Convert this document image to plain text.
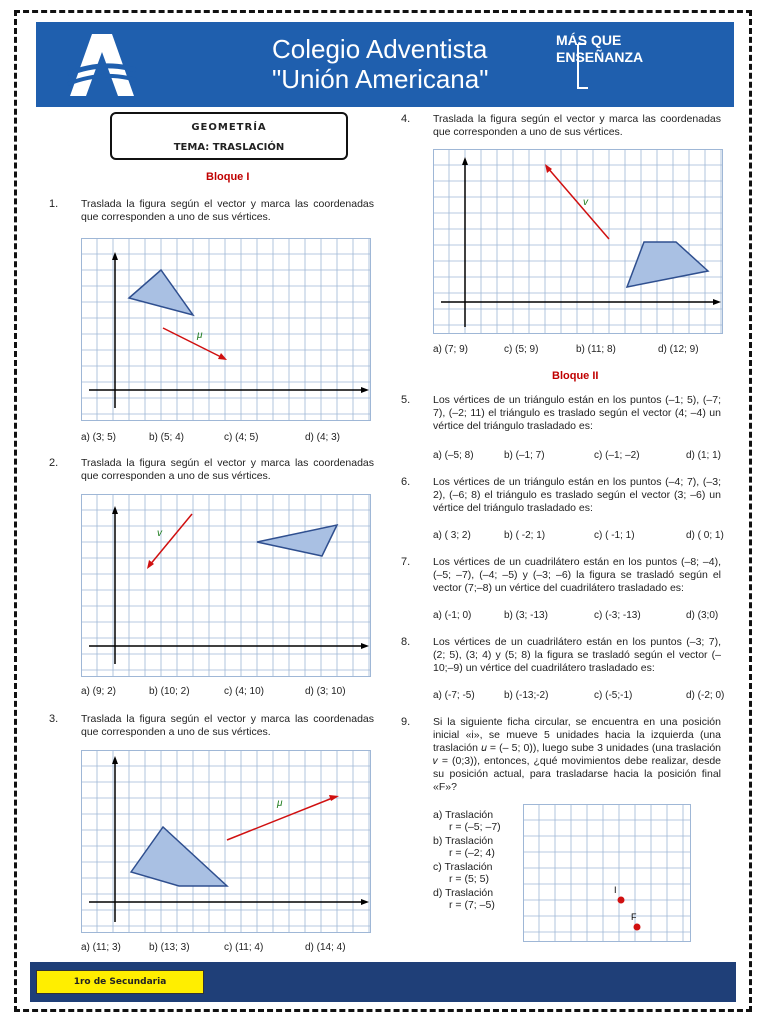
Colegio Adventista
"Unión Americana"
MÁS QUE
ENSEÑANZA
GEOMETRÍA
TEMA: TRASLACIÓN
Bloque I
1. Traslada la figura según el vector y marca las coordenadas que corresponden a uno de sus vértices.
μ
a) (3; 5)	b) (5; 4)	c) (4; 5)	d) (4; 3)
2. Traslada la figura según el vector y marca las coordenadas que corresponden a uno de sus vértices.
v
a) (9; 2)	b) (10; 2)	c) (4; 10)	d) (3; 10)
3. Traslada la figura según el vector y marca las coordenadas que corresponden a uno de sus vértices.
μ
a) (11; 3)	b) (13; 3)	c) (11; 4)	d) (14; 4)
4. Traslada la figura según el vector y marca las coordenadas que corresponden a uno de sus vértices.
v
a) (7; 9)	c) (5; 9)	b) (11; 8)	d) (12; 9)
Bloque II
5. Los vértices de un triángulo están en los puntos (–1; 5), (–7; 7), (–2; 11) el triángulo es traslado según el vector (4; –4) un vértice del triángulo trasladado es:
a) (–5; 8)	b) (–1; 7)	c) (–1; –2)	d) (1; 1)
6. Los vértices de un triángulo están en los puntos (–4; 7), (–3; 2), (–6; 8) el triángulo es traslado según el vector (3; –6) un vértice del triángulo trasladado es:
a) ( 3; 2)	b) ( -2; 1)	c) ( -1; 1)	d) ( 0; 1)
7. Los vértices de un cuadrilátero están en los puntos (–8; –4), (–5; –7), (–4; –5) y (–3; –6) la figura se trasladó según el vector (7;–8) un vértice del cuadrilátero trasladado es:
a) (-1; 0)	b) (3; -13)	c) (-3; -13)	d) (3;0)
8. Los vértices de un cuadrilátero están en los puntos (–3; 7), (2; 5), (3; 4) y (5; 8) la figura se trasladó según el vector (–10;–9) un vértice del cuadrilátero trasladado es:
a) (-7; -5)	b) (-13;-2)	c) (-5;-1)	d) (-2; 0)
9. Si la siguiente ficha circular, se encuentra en una posición inicial «i», se mueve 5 unidades hacia la izquierda (una traslación 𝑢 = (– 5; 0)), luego sube 3 unidades (una traslación 𝑣 = (0;3)), entonces, ¿qué movimientos debe realizar, desde su posición actual, para trasladarse hacia la posición final «F»?
a) Traslación
r = (–5; –7)
b) Traslación
r = (–2; 4)
c) Traslación
r = (5; 5)
d) Traslación
r = (7; –5)
I
F
1ro de Secundaria
